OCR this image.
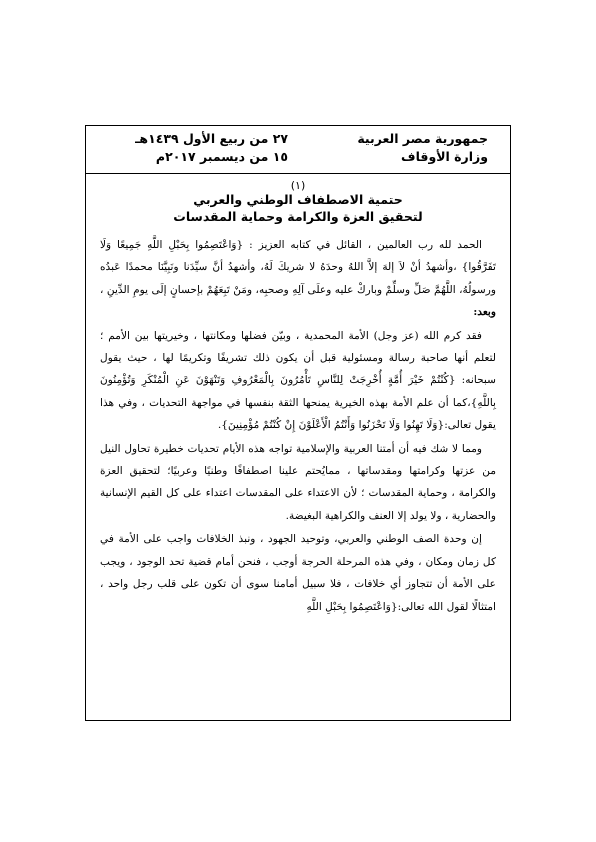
جمهورية مصر العربية
وزارة الأوقاف
٢٧ من ربيع الأول ١٤٣٩هـ
١٥ من ديسمبر ٢٠١٧م
(١)
حتمية الاصطفاف الوطني والعربي
لتحقيق العزة والكرامة وحماية المقدسات

الحمد لله رب العالمين ، القائل في كتابه العزيز : {وَاعْتَصِمُوا بِحَبْلِ اللَّهِ جَمِيعًا وَلَا تَفَرَّقُوا} ،وأشهدُ أنْ لاَ إلهَ إلاَّ اللهُ وحدَهُ لا شريكَ لَهُ، وأشهدُ أنَّ سيِّدَنا ونَبِيَّنَا محمدًا عَبدُه ورسولُهُ، اللَّهُمَّ صَلِّ وسلِّمْ وباركْ عليه وعلَى آلِهِ وصحبِه، ومَنْ تَبِعَهُمْ بإحسانٍ إلَى يومِ الدِّينِ ، وبعد:

فقد كرم الله (عز وجل) الأمة المحمدية ، وبيّن فضلها ومكانتها ، وخيريتها بين الأمم ؛ لتعلم أنها صاحبة رسالة ومسئولية قبل أن يكون ذلك تشريفًا وتكريمًا لها ، حيث يقول سبحانه: {كُنْتُمْ خَيْرَ أُمَّةٍ أُخْرِجَتْ لِلنَّاسِ تَأْمُرُونَ بِالْمَعْرُوفِ وَتَنْهَوْنَ عَنِ الْمُنْكَرِ وَتُؤْمِنُونَ بِاللَّهِ}،كما أن علم الأمة بهذه الخيرية يمنحها الثقة بنفسها في مواجهة التحديات ، وفي هذا يقول تعالى:{وَلَا تَهِنُوا وَلَا تَحْزَنُوا وَأَنْتُمُ الْأَعْلَوْنَ إِنْ كُنْتُمْ مُؤْمِنِينَ}.

ومما لا شك فيه أن أمتنا العربية والإسلامية تواجه هذه الأيام تحديات خطيرة تحاول النيل من عزتها وكرامتها ومقدساتها ، ممايُحتم علينا اصطفافًا وطنيًا وعربيًا؛ لتحقيق العزة والكرامة ، وحماية المقدسات ؛ لأن الاعتداء على المقدسات اعتداء على كل القيم الإنسانية والحضارية ، ولا يولد إلا العنف والكراهية البغيضة.

إن وحدة الصف الوطني والعربي، وتوحيد الجهود ، ونبذ الخلافات واجب على الأمة في كل زمان ومكان ، وفي هذه المرحلة الحرجة أوجب ، فنحن أمام قضية تحد الوجود ، ويجب على الأمة أن تتجاوز أي خلافات ، فلا سبيل أمامنا سوى أن تكون على قلب رجل واحد ، امتثالًا لقول الله تعالى:{وَاعْتَصِمُوا بِحَبْلِ اللَّهِ
